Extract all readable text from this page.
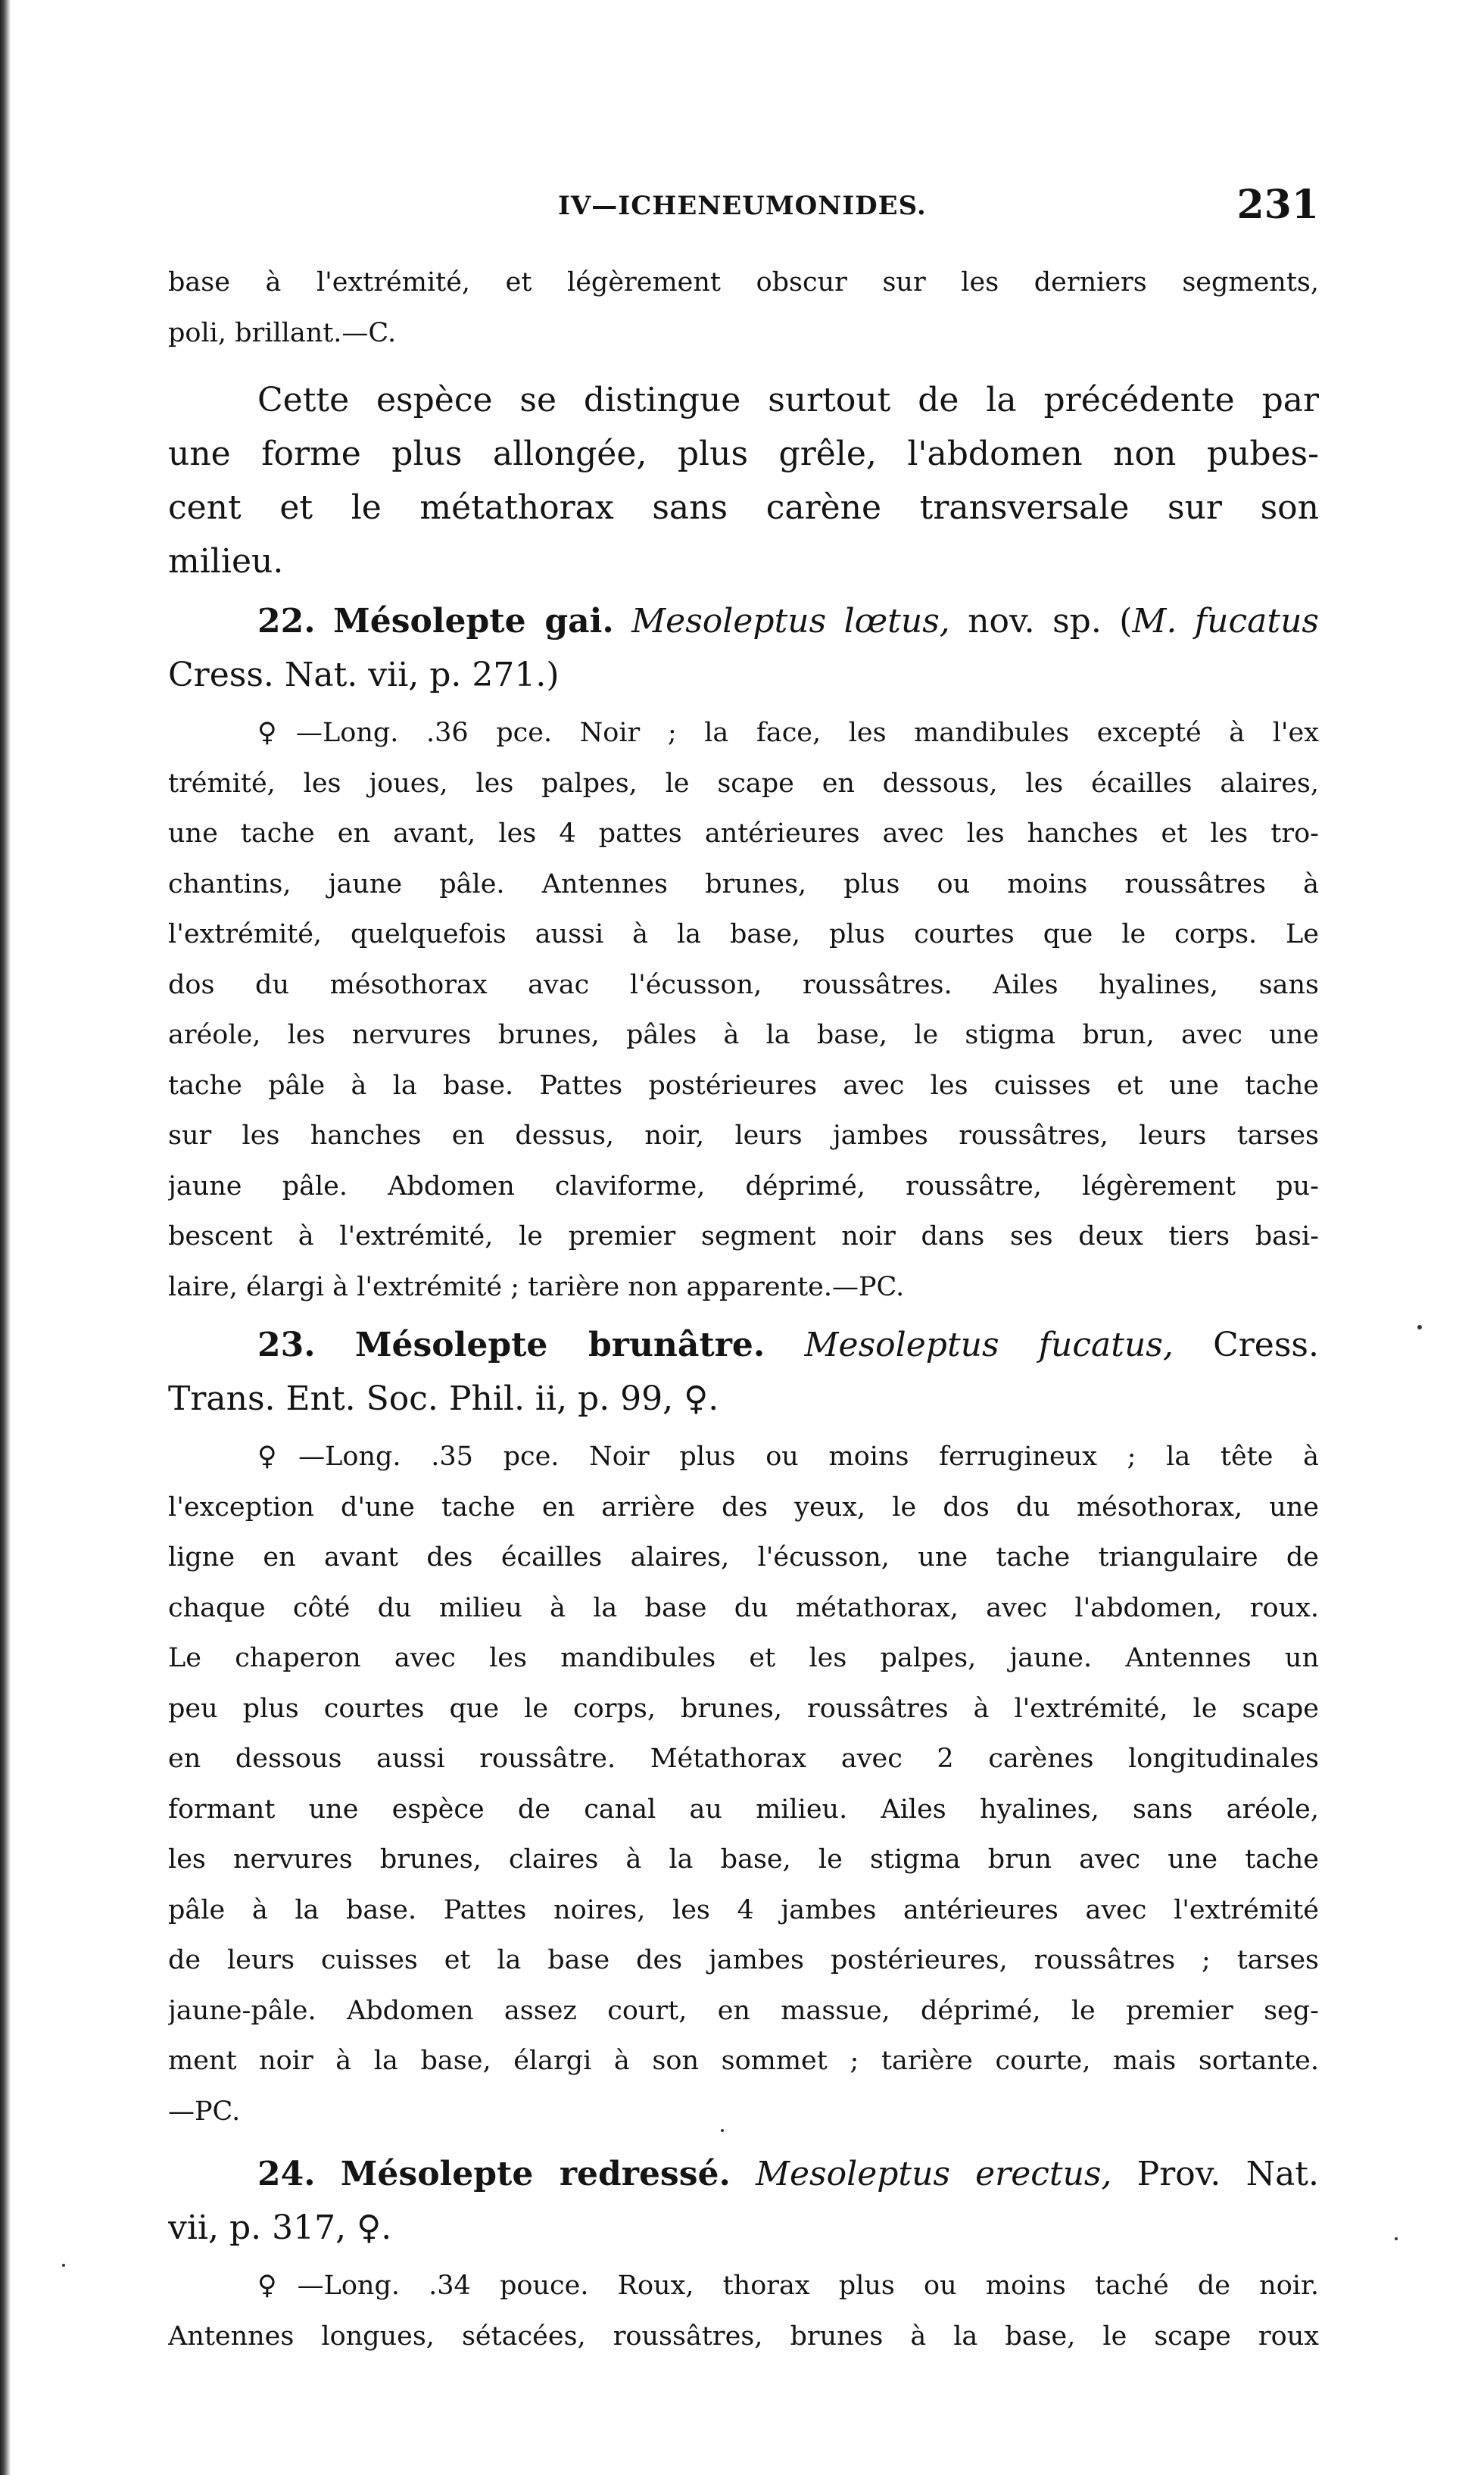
IV—ICHENEUMONIDES.	231
base à l'extrémité, et légèrement obscur sur les derniers segments,
poli, brillant.—C.
Cette espèce se distingue surtout de la précédente par
une forme plus allongée, plus grêle, l'abdomen non pubes-
cent et le métathorax sans carène transversale sur son
milieu.
22. Mésolepte gai. Mesoleptus lœtus, nov. sp. (M. fucatus
Cress. Nat. vii, p. 271.)
♀—Long. .36 pce. Noir ; la face, les mandibules excepté à l'ex
trémité, les joues, les palpes, le scape en dessous, les écailles alaires,
une tache en avant, les 4 pattes antérieures avec les hanches et les tro-
chantins, jaune pâle. Antennes brunes, plus ou moins roussâtres à
l'extrémité, quelquefois aussi à la base, plus courtes que le corps. Le
dos du mésothorax avac l'écusson, roussâtres. Ailes hyalines, sans
aréole, les nervures brunes, pâles à la base, le stigma brun, avec une
tache pâle à la base. Pattes postérieures avec les cuisses et une tache
sur les hanches en dessus, noir, leurs jambes roussâtres, leurs tarses
jaune pâle. Abdomen claviforme, déprimé, roussâtre, légèrement pu-
bescent à l'extrémité, le premier segment noir dans ses deux tiers basi-
laire, élargi à l'extrémité ; tarière non apparente.—PC.
23. Mésolepte brunâtre. Mesoleptus fucatus, Cress.
Trans. Ent. Soc. Phil. ii, p. 99, ♀.
♀—Long. .35 pce. Noir plus ou moins ferrugineux ; la tête à
l'exception d'une tache en arrière des yeux, le dos du mésothorax, une
ligne en avant des écailles alaires, l'écusson, une tache triangulaire de
chaque côté du milieu à la base du métathorax, avec l'abdomen, roux.
Le chaperon avec les mandibules et les palpes, jaune. Antennes un
peu plus courtes que le corps, brunes, roussâtres à l'extrémité, le scape
en dessous aussi roussâtre. Métathorax avec 2 carènes longitudinales
formant une espèce de canal au milieu. Ailes hyalines, sans aréole,
les nervures brunes, claires à la base, le stigma brun avec une tache
pâle à la base. Pattes noires, les 4 jambes antérieures avec l'extrémité
de leurs cuisses et la base des jambes postérieures, roussâtres ; tarses
jaune-pâle. Abdomen assez court, en massue, déprimé, le premier seg-
ment noir à la base, élargi à son sommet ; tarière courte, mais sortante.
—PC.
24. Mésolepte redressé. Mesoleptus erectus, Prov. Nat.
vii, p. 317, ♀.
♀—Long. .34 pouce. Roux, thorax plus ou moins taché de noir.
Antennes longues, sétacées, roussâtres, brunes à la base, le scape roux
